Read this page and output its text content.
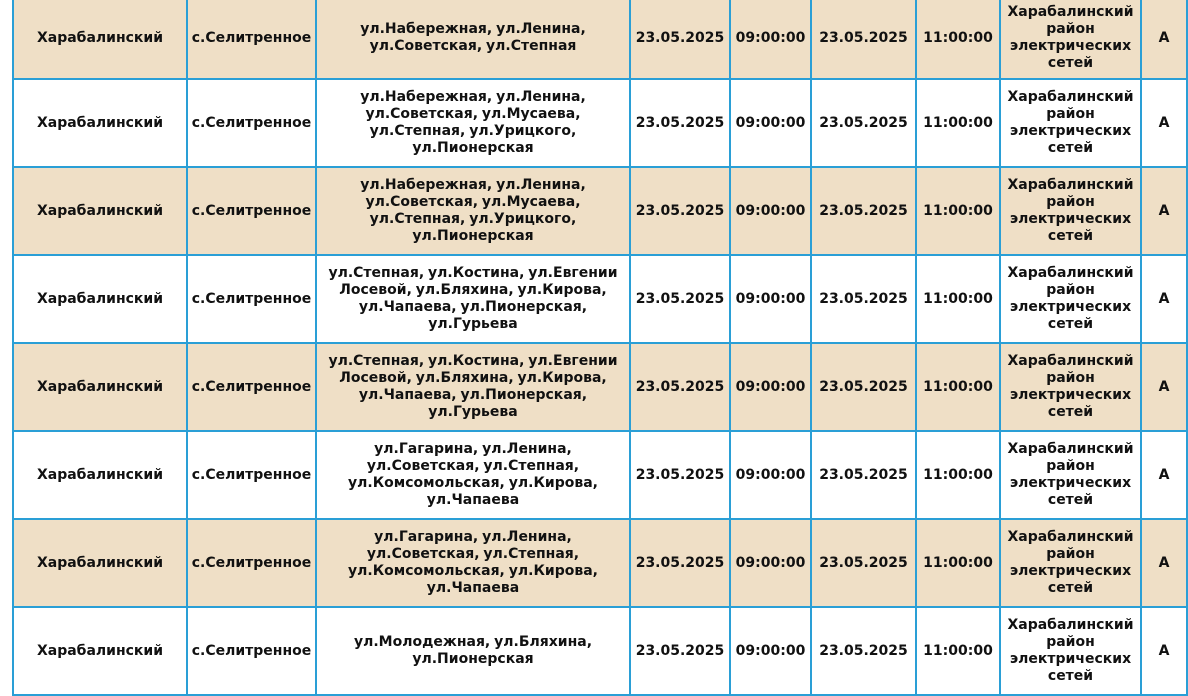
Харабалинский	с.Селитренное	ул.Набережная, ул.Ленина, ул.Советская, ул.Степная	23.05.2025	09:00:00	23.05.2025	11:00:00	Харабалинский район электрических сетей	А
Харабалинский	с.Селитренное	ул.Набережная, ул.Ленина, ул.Советская, ул.Мусаева, ул.Степная, ул.Урицкого, ул.Пионерская	23.05.2025	09:00:00	23.05.2025	11:00:00	Харабалинский район электрических сетей	А
Харабалинский	с.Селитренное	ул.Набережная, ул.Ленина, ул.Советская, ул.Мусаева, ул.Степная, ул.Урицкого, ул.Пионерская	23.05.2025	09:00:00	23.05.2025	11:00:00	Харабалинский район электрических сетей	А
Харабалинский	с.Селитренное	ул.Степная, ул.Костина, ул.Евгении Лосевой, ул.Бляхина, ул.Кирова, ул.Чапаева, ул.Пионерская, ул.Гурьева	23.05.2025	09:00:00	23.05.2025	11:00:00	Харабалинский район электрических сетей	А
Харабалинский	с.Селитренное	ул.Степная, ул.Костина, ул.Евгении Лосевой, ул.Бляхина, ул.Кирова, ул.Чапаева, ул.Пионерская, ул.Гурьева	23.05.2025	09:00:00	23.05.2025	11:00:00	Харабалинский район электрических сетей	А
Харабалинский	с.Селитренное	ул.Гагарина, ул.Ленина, ул.Советская, ул.Степная, ул.Комсомольская, ул.Кирова, ул.Чапаева	23.05.2025	09:00:00	23.05.2025	11:00:00	Харабалинский район электрических сетей	А
Харабалинский	с.Селитренное	ул.Гагарина, ул.Ленина, ул.Советская, ул.Степная, ул.Комсомольская, ул.Кирова, ул.Чапаева	23.05.2025	09:00:00	23.05.2025	11:00:00	Харабалинский район электрических сетей	А
Харабалинский	с.Селитренное	ул.Молодежная, ул.Бляхина, ул.Пионерская	23.05.2025	09:00:00	23.05.2025	11:00:00	Харабалинский район электрических сетей	А
